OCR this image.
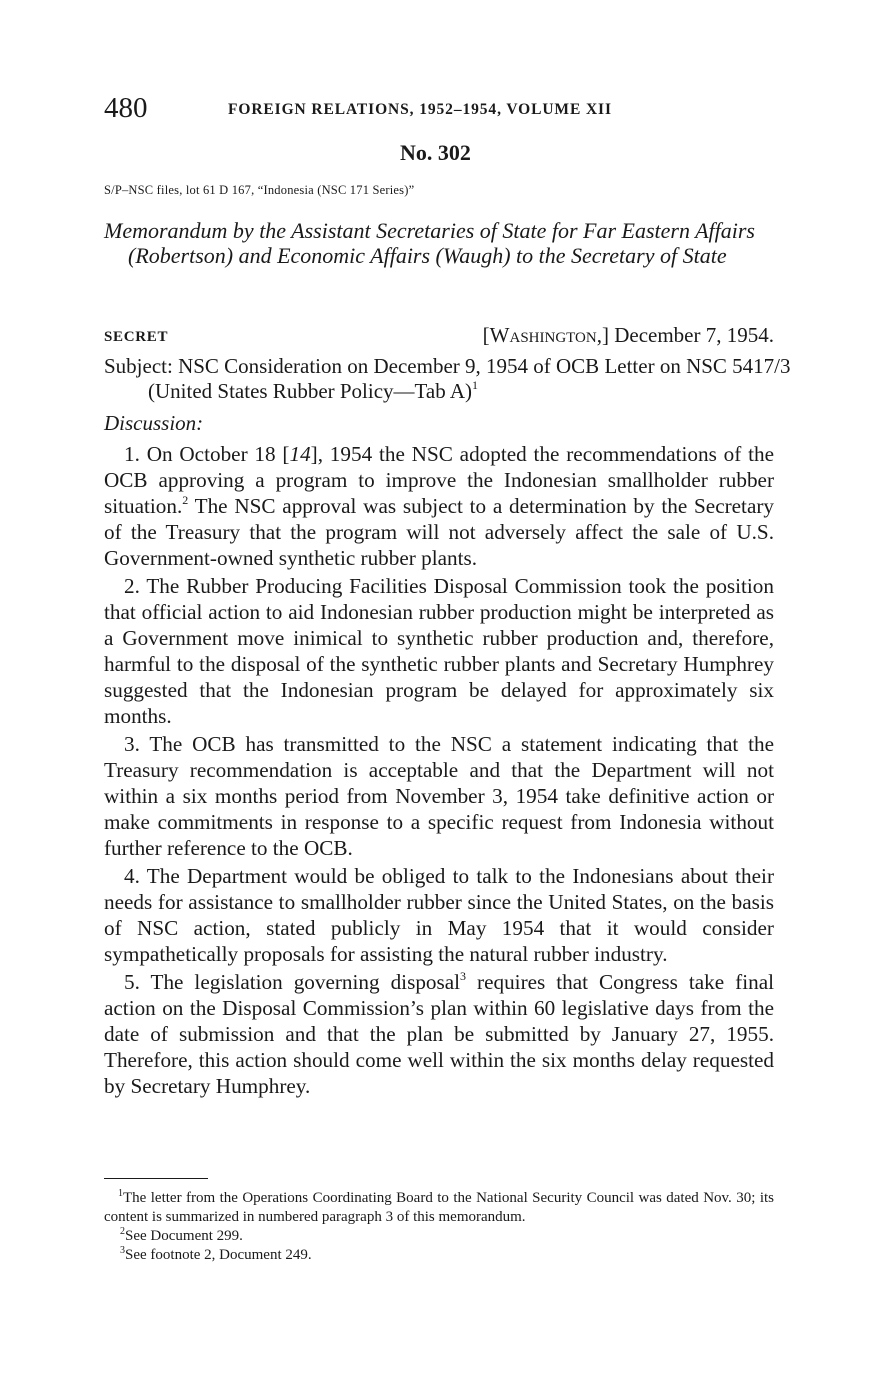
480	FOREIGN RELATIONS, 1952–1954, VOLUME XII
No. 302
S/P–NSC files, lot 61 D 167, “Indonesia (NSC 171 Series)”
Memorandum by the Assistant Secretaries of State for Far Eastern Affairs (Robertson) and Economic Affairs (Waugh) to the Secretary of State
SECRET	[Washington,] December 7, 1954.
Subject: NSC Consideration on December 9, 1954 of OCB Letter on NSC 5417/3 (United States Rubber Policy—Tab A)$^1$
Discussion:

1. On October 18 [14], 1954 the NSC adopted the recommendations of the OCB approving a program to improve the Indonesian smallholder rubber situation.$^2$ The NSC approval was subject to a determination by the Secretary of the Treasury that the program will not adversely affect the sale of U.S. Government-owned synthetic rubber plants.

2. The Rubber Producing Facilities Disposal Commission took the position that official action to aid Indonesian rubber production might be interpreted as a Government move inimical to synthetic rubber production and, therefore, harmful to the disposal of the synthetic rubber plants and Secretary Humphrey suggested that the Indonesian program be delayed for approximately six months.

3. The OCB has transmitted to the NSC a statement indicating that the Treasury recommendation is acceptable and that the Department will not within a six months period from November 3, 1954 take definitive action or make commitments in response to a specific request from Indonesia without further reference to the OCB.

4. The Department would be obliged to talk to the Indonesians about their needs for assistance to smallholder rubber since the United States, on the basis of NSC action, stated publicly in May 1954 that it would consider sympathetically proposals for assisting the natural rubber industry.

5. The legislation governing disposal$^3$ requires that Congress take final action on the Disposal Commission’s plan within 60 legislative days from the date of submission and that the plan be submitted by January 27, 1955. Therefore, this action should come well within the six months delay requested by Secretary Humphrey.

$^1$The letter from the Operations Coordinating Board to the National Security Council was dated Nov. 30; its content is summarized in numbered paragraph 3 of this memorandum.

$^2$See Document 299.

$^3$See footnote 2, Document 249.
